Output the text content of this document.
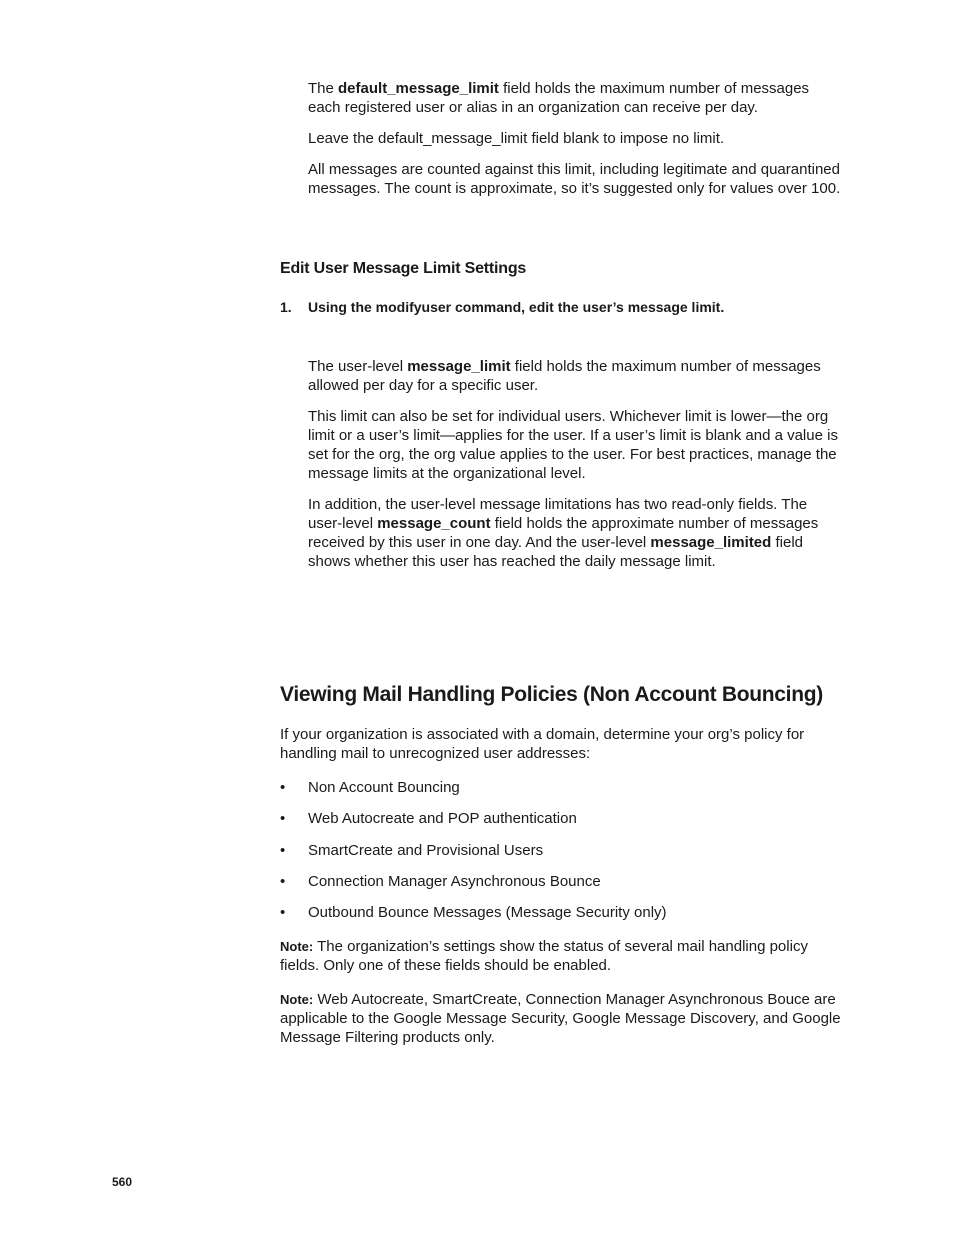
The default_message_limit field holds the maximum number of messages each registered user or alias in an organization can receive per day.

Leave the default_message_limit field blank to impose no limit.

All messages are counted against this limit, including legitimate and quarantined messages. The count is approximate, so it’s suggested only for values over 100.

Edit User Message Limit Settings
1. Using the modifyuser command, edit the user’s message limit.

The user-level message_limit field holds the maximum number of messages allowed per day for a specific user.

This limit can also be set for individual users. Whichever limit is lower—the org limit or a user’s limit—applies for the user. If a user’s limit is blank and a value is set for the org, the org value applies to the user. For best practices, manage the message limits at the organizational level.

In addition, the user-level message limitations has two read-only fields. The user-level message_count field holds the approximate number of messages received by this user in one day. And the user-level message_limited field shows whether this user has reached the daily message limit.

Viewing Mail Handling Policies (Non Account Bouncing)

If your organization is associated with a domain, determine your org’s policy for handling mail to unrecognized user addresses:

• Non Account Bouncing
• Web Autocreate and POP authentication
• SmartCreate and Provisional Users
• Connection Manager Asynchronous Bounce
• Outbound Bounce Messages (Message Security only)

Note: The organization’s settings show the status of several mail handling policy fields. Only one of these fields should be enabled.

Note: Web Autocreate, SmartCreate, Connection Manager Asynchronous Bouce are applicable to the Google Message Security, Google Message Discovery, and Google Message Filtering products only.

560
